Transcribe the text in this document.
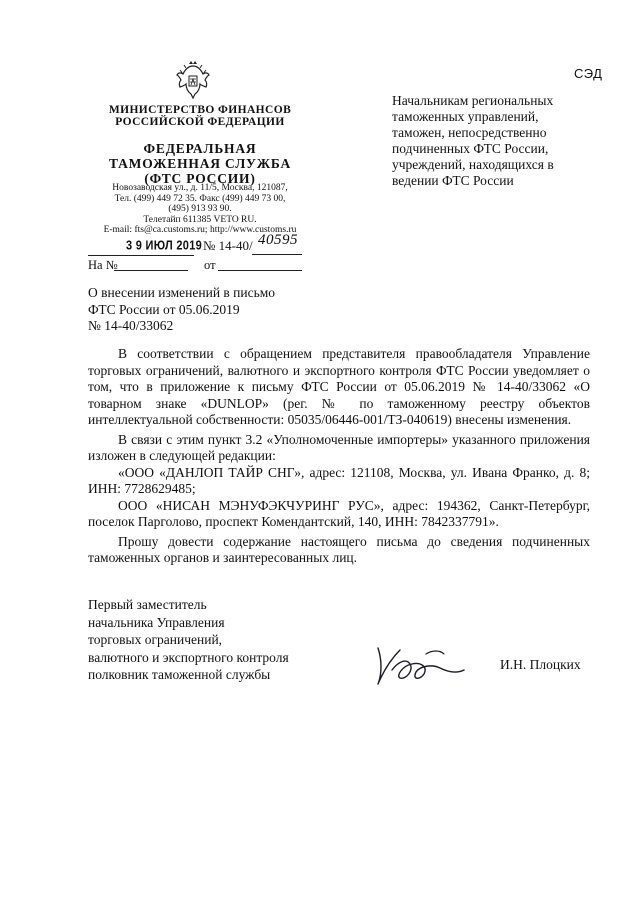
СЭД
МИНИСТЕРСТВО ФИНАНСОВ
РОССИЙСКОЙ ФЕДЕРАЦИИ
ФЕДЕРАЛЬНАЯ
ТАМОЖЕННАЯ СЛУЖБА
(ФТС РОССИИ)
Новозаводская ул., д. 11/5, Москва, 121087,
Тел. (499) 449 72 35. Факс (499) 449 73 00,
(495) 913 93 90.
Телетайп 611385 VETO RU.
E-mail: fts@ca.customs.ru; http://www.customs.ru
3 9 ИЮЛ 2019 № 14-40/ 40595
На №	от
Начальникам региональных
таможенных управлений,
таможен, непосредственно
подчиненных ФТС России,
учреждений, находящихся в
ведении ФТС России
О внесении изменений в письмо
ФТС России от 05.06.2019
№ 14-40/33062

В соответствии с обращением представителя правообладателя Управление торговых ограничений, валютного и экспортного контроля ФТС России уведомляет о том, что в приложение к письму ФТС России от 05.06.2019 № 14-40/33062 «О товарном знаке «DUNLOP» (рег. № по таможенному реестру объектов интеллектуальной собственности: 05035/06446-001/ТЗ-040619) внесены изменения.

В связи с этим пункт 3.2 «Уполномоченные импортеры» указанного приложения изложен в следующей редакции:

«ООО «ДАНЛОП ТАЙР СНГ», адрес: 121108, Москва, ул. Ивана Франко, д. 8; ИНН: 7728629485;

ООО «НИСАН МЭНУФЭКЧУРИНГ РУС», адрес: 194362, Санкт-Петербург, поселок Парголово, проспект Комендантский, 140, ИНН: 7842337791».

Прошу довести содержание настоящего письма до сведения подчиненных таможенных органов и заинтересованных лиц.

Первый заместитель
начальника Управления
торговых ограничений,
валютного и экспортного контроля
полковник таможенной службы
И.Н. Плоцких
